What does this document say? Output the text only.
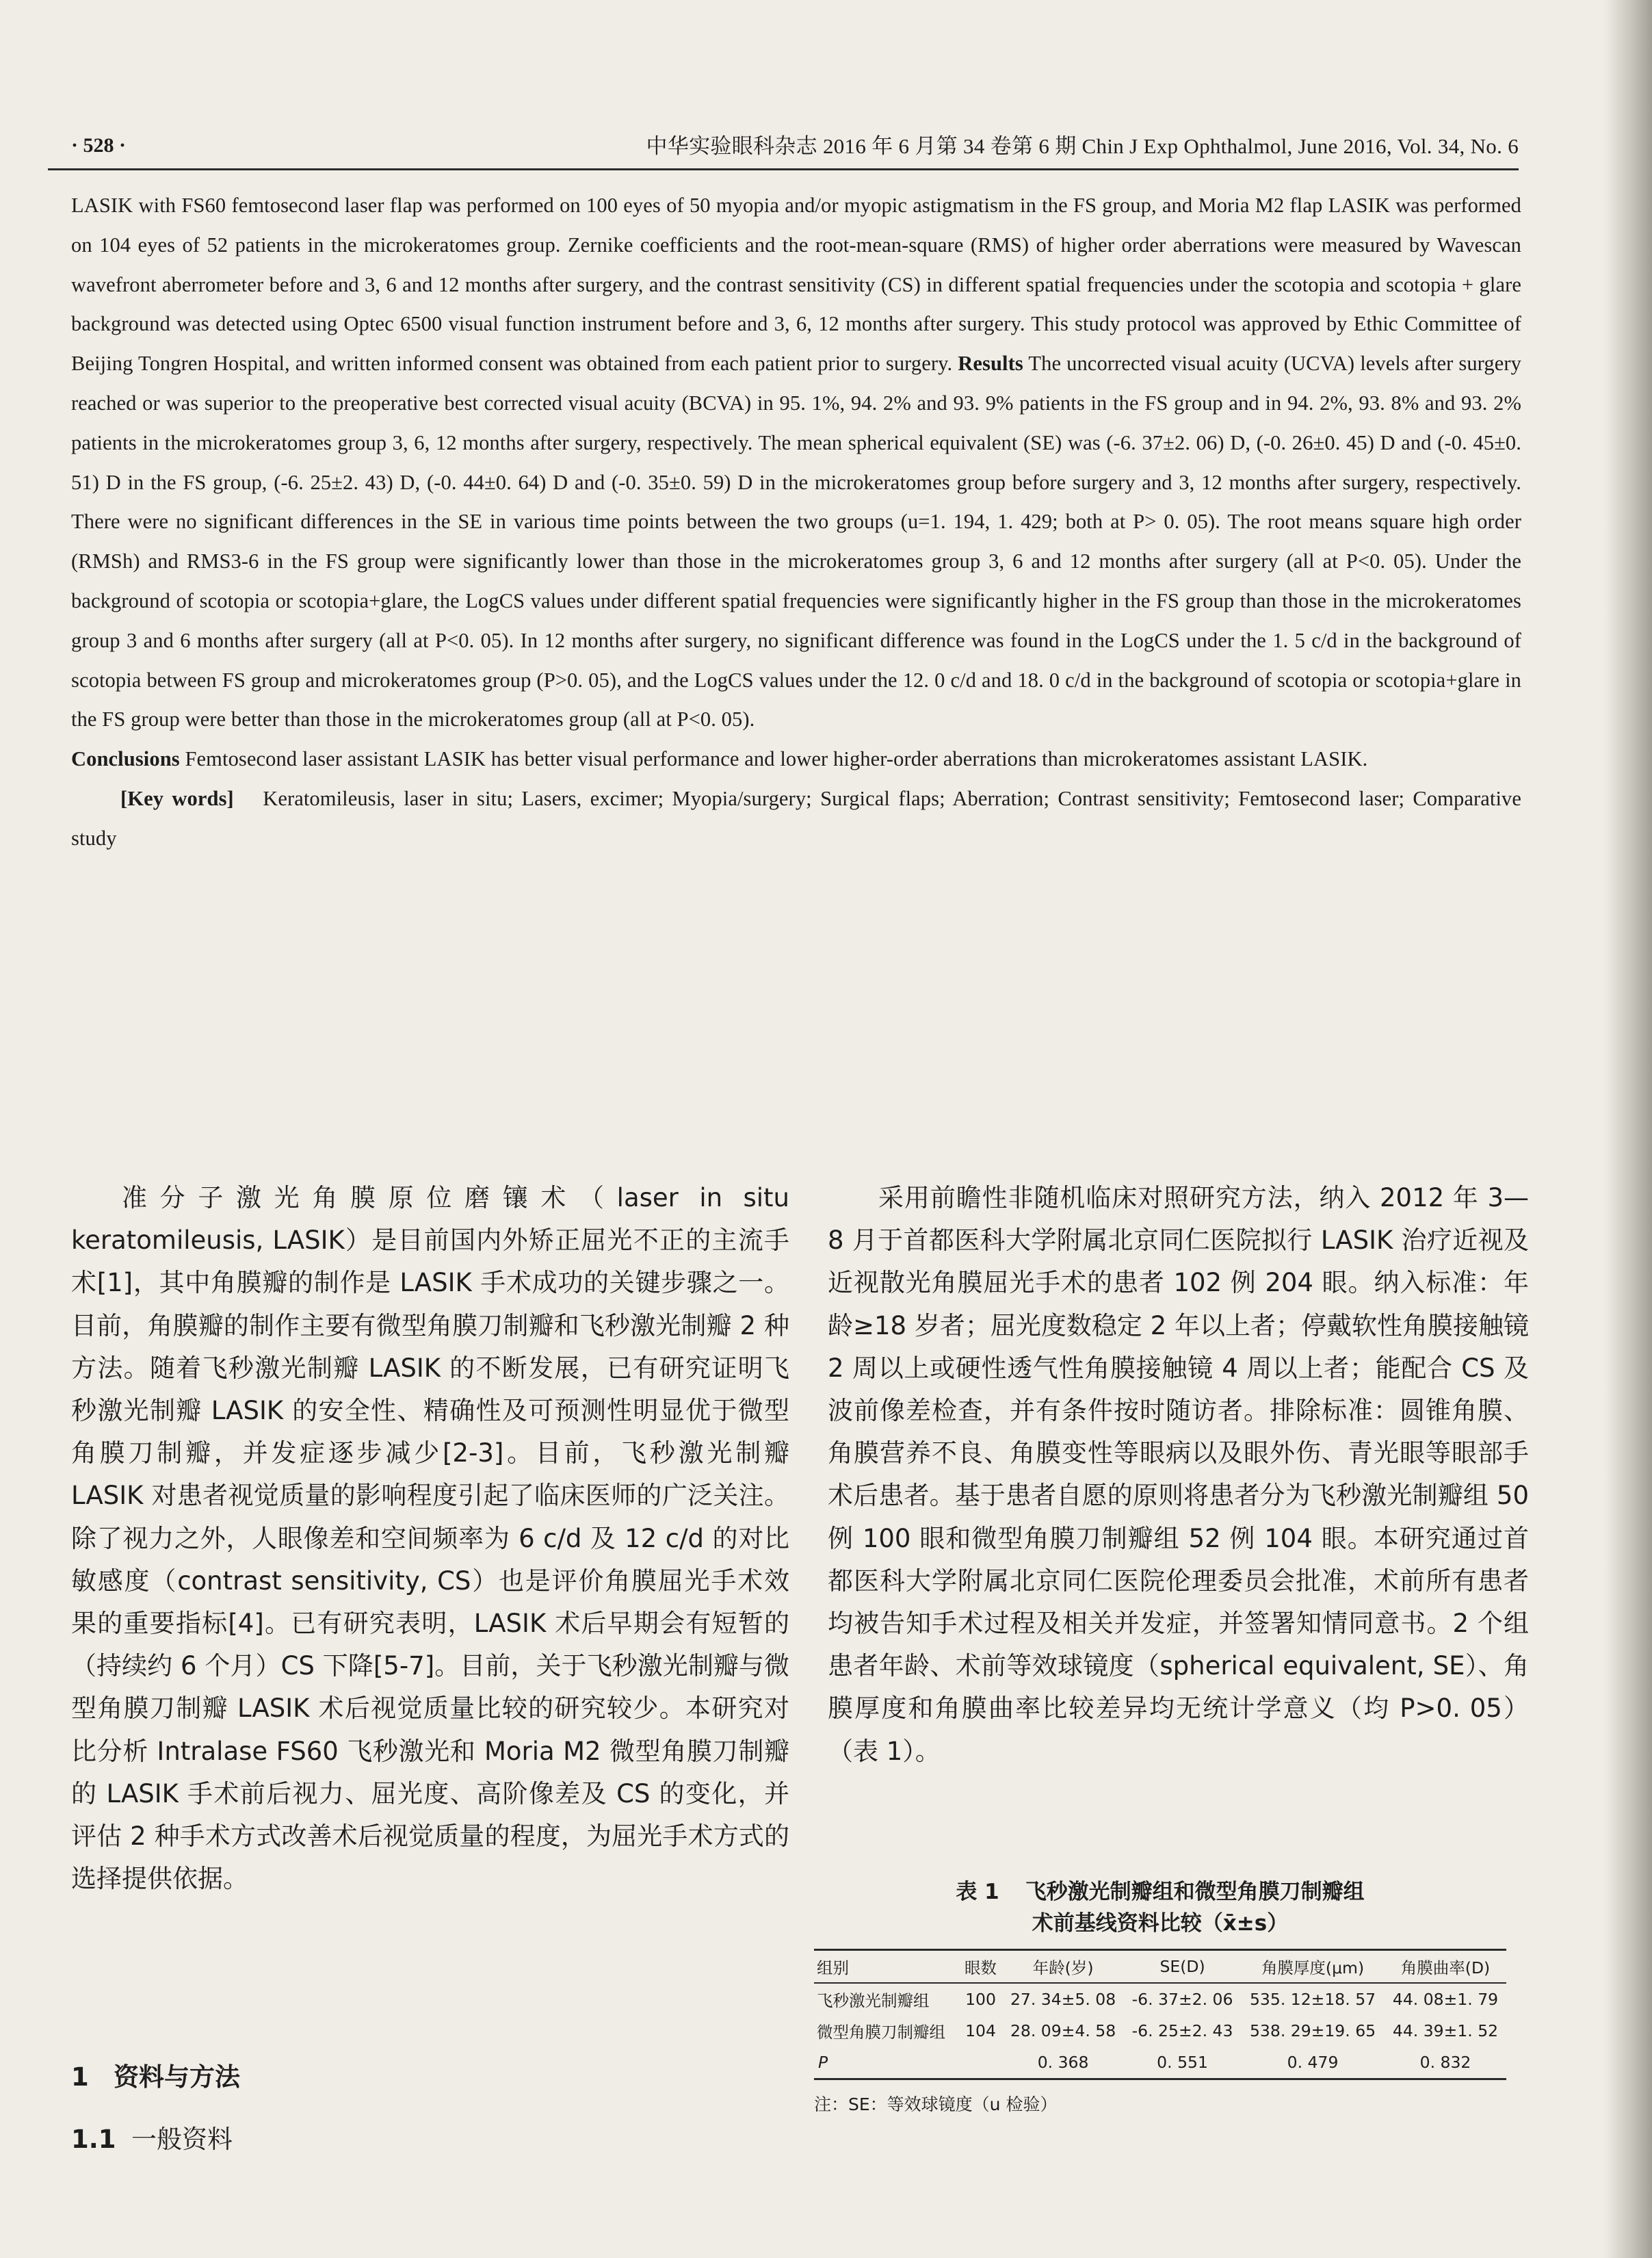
· 528 ·	中华实验眼科杂志 2016 年 6 月第 34 卷第 6 期 Chin J Exp Ophthalmol, June 2016, Vol. 34, No. 6

LASIK with FS60 femtosecond laser flap was performed on 100 eyes of 50 myopia and/or myopic astigmatism in the FS group, and Moria M2 flap LASIK was performed on 104 eyes of 52 patients in the microkeratomes group. Zernike coefficients and the root-mean-square (RMS) of higher order aberrations were measured by Wavescan wavefront aberrometer before and 3, 6 and 12 months after surgery, and the contrast sensitivity (CS) in different spatial frequencies under the scotopia and scotopia + glare background was detected using Optec 6500 visual function instrument before and 3, 6, 12 months after surgery. This study protocol was approved by Ethic Committee of Beijing Tongren Hospital, and written informed consent was obtained from each patient prior to surgery. Results The uncorrected visual acuity (UCVA) levels after surgery reached or was superior to the preoperative best corrected visual acuity (BCVA) in 95. 1%, 94. 2% and 93. 9% patients in the FS group and in 94. 2%, 93. 8% and 93. 2% patients in the microkeratomes group 3, 6, 12 months after surgery, respectively. The mean spherical equivalent (SE) was (-6. 37±2. 06) D, (-0. 26±0. 45) D and (-0. 45±0. 51) D in the FS group, (-6. 25±2. 43) D, (-0. 44±0. 64) D and (-0. 35±0. 59) D in the microkeratomes group before surgery and 3, 12 months after surgery, respectively. There were no significant differences in the SE in various time points between the two groups (u=1. 194, 1. 429; both at P> 0. 05). The root means square high order (RMSh) and RMS3-6 in the FS group were significantly lower than those in the microkeratomes group 3, 6 and 12 months after surgery (all at P<0. 05). Under the background of scotopia or scotopia+glare, the LogCS values under different spatial frequencies were significantly higher in the FS group than those in the microkeratomes group 3 and 6 months after surgery (all at P<0. 05). In 12 months after surgery, no significant difference was found in the LogCS under the 1. 5 c/d in the background of scotopia between FS group and microkeratomes group (P>0. 05), and the LogCS values under the 12. 0 c/d and 18. 0 c/d in the background of scotopia or scotopia+glare in the FS group were better than those in the microkeratomes group (all at P<0. 05).

Conclusions Femtosecond laser assistant LASIK has better visual performance and lower higher-order aberrations than microkeratomes assistant LASIK.

[Key words] Keratomileusis, laser in situ; Lasers, excimer; Myopia/surgery; Surgical flaps; Aberration; Contrast sensitivity; Femtosecond laser; Comparative study

准分子激光角膜原位磨镶术（laser in situ keratomileusis, LASIK）是目前国内外矫正屈光不正的主流手术[1]，其中角膜瓣的制作是 LASIK 手术成功的关键步骤之一。目前，角膜瓣的制作主要有微型角膜刀制瓣和飞秒激光制瓣 2 种方法。随着飞秒激光制瓣 LASIK 的不断发展，已有研究证明飞秒激光制瓣 LASIK 的安全性、精确性及可预测性明显优于微型角膜刀制瓣，并发症逐步减少[2-3]。目前，飞秒激光制瓣 LASIK 对患者视觉质量的影响程度引起了临床医师的广泛关注。除了视力之外，人眼像差和空间频率为 6 c/d 及 12 c/d 的对比敏感度（contrast sensitivity, CS）也是评价角膜屈光手术效果的重要指标[4]。已有研究表明，LASIK 术后早期会有短暂的（持续约 6 个月）CS 下降[5-7]。目前，关于飞秒激光制瓣与微型角膜刀制瓣 LASIK 术后视觉质量比较的研究较少。本研究对比分析 Intralase FS60 飞秒激光和 Moria M2 微型角膜刀制瓣的 LASIK 手术前后视力、屈光度、高阶像差及 CS 的变化，并评估 2 种手术方式改善术后视觉质量的程度，为屈光手术方式的选择提供依据。

1 资料与方法
1.1 一般资料

采用前瞻性非随机临床对照研究方法，纳入 2012 年 3—8 月于首都医科大学附属北京同仁医院拟行 LASIK 治疗近视及近视散光角膜屈光手术的患者 102 例 204 眼。纳入标准：年龄≥18 岁者；屈光度数稳定 2 年以上者；停戴软性角膜接触镜 2 周以上或硬性透气性角膜接触镜 4 周以上者；能配合 CS 及波前像差检查，并有条件按时随访者。排除标准：圆锥角膜、角膜营养不良、角膜变性等眼病以及眼外伤、青光眼等眼部手术后患者。基于患者自愿的原则将患者分为飞秒激光制瓣组 50 例 100 眼和微型角膜刀制瓣组 52 例 104 眼。本研究通过首都医科大学附属北京同仁医院伦理委员会批准，术前所有患者均被告知手术过程及相关并发症，并签署知情同意书。2 个组患者年龄、术前等效球镜度（spherical equivalent, SE）、角膜厚度和角膜曲率比较差异均无统计学意义（均 P>0. 05）（表 1）。

表 1 飞秒激光制瓣组和微型角膜刀制瓣组
术前基线资料比较（x̄±s）
组别	眼数	年龄(岁)	SE(D)	角膜厚度(μm)	角膜曲率(D)
飞秒激光制瓣组	100	27. 34±5. 08	-6. 37±2. 06	535. 12±18. 57	44. 08±1. 79
微型角膜刀制瓣组	104	28. 09±4. 58	-6. 25±2. 43	538. 29±19. 65	44. 39±1. 52
P		0. 368	0. 551	0. 479	0. 832
注：SE：等效球镜度（u 检验）
